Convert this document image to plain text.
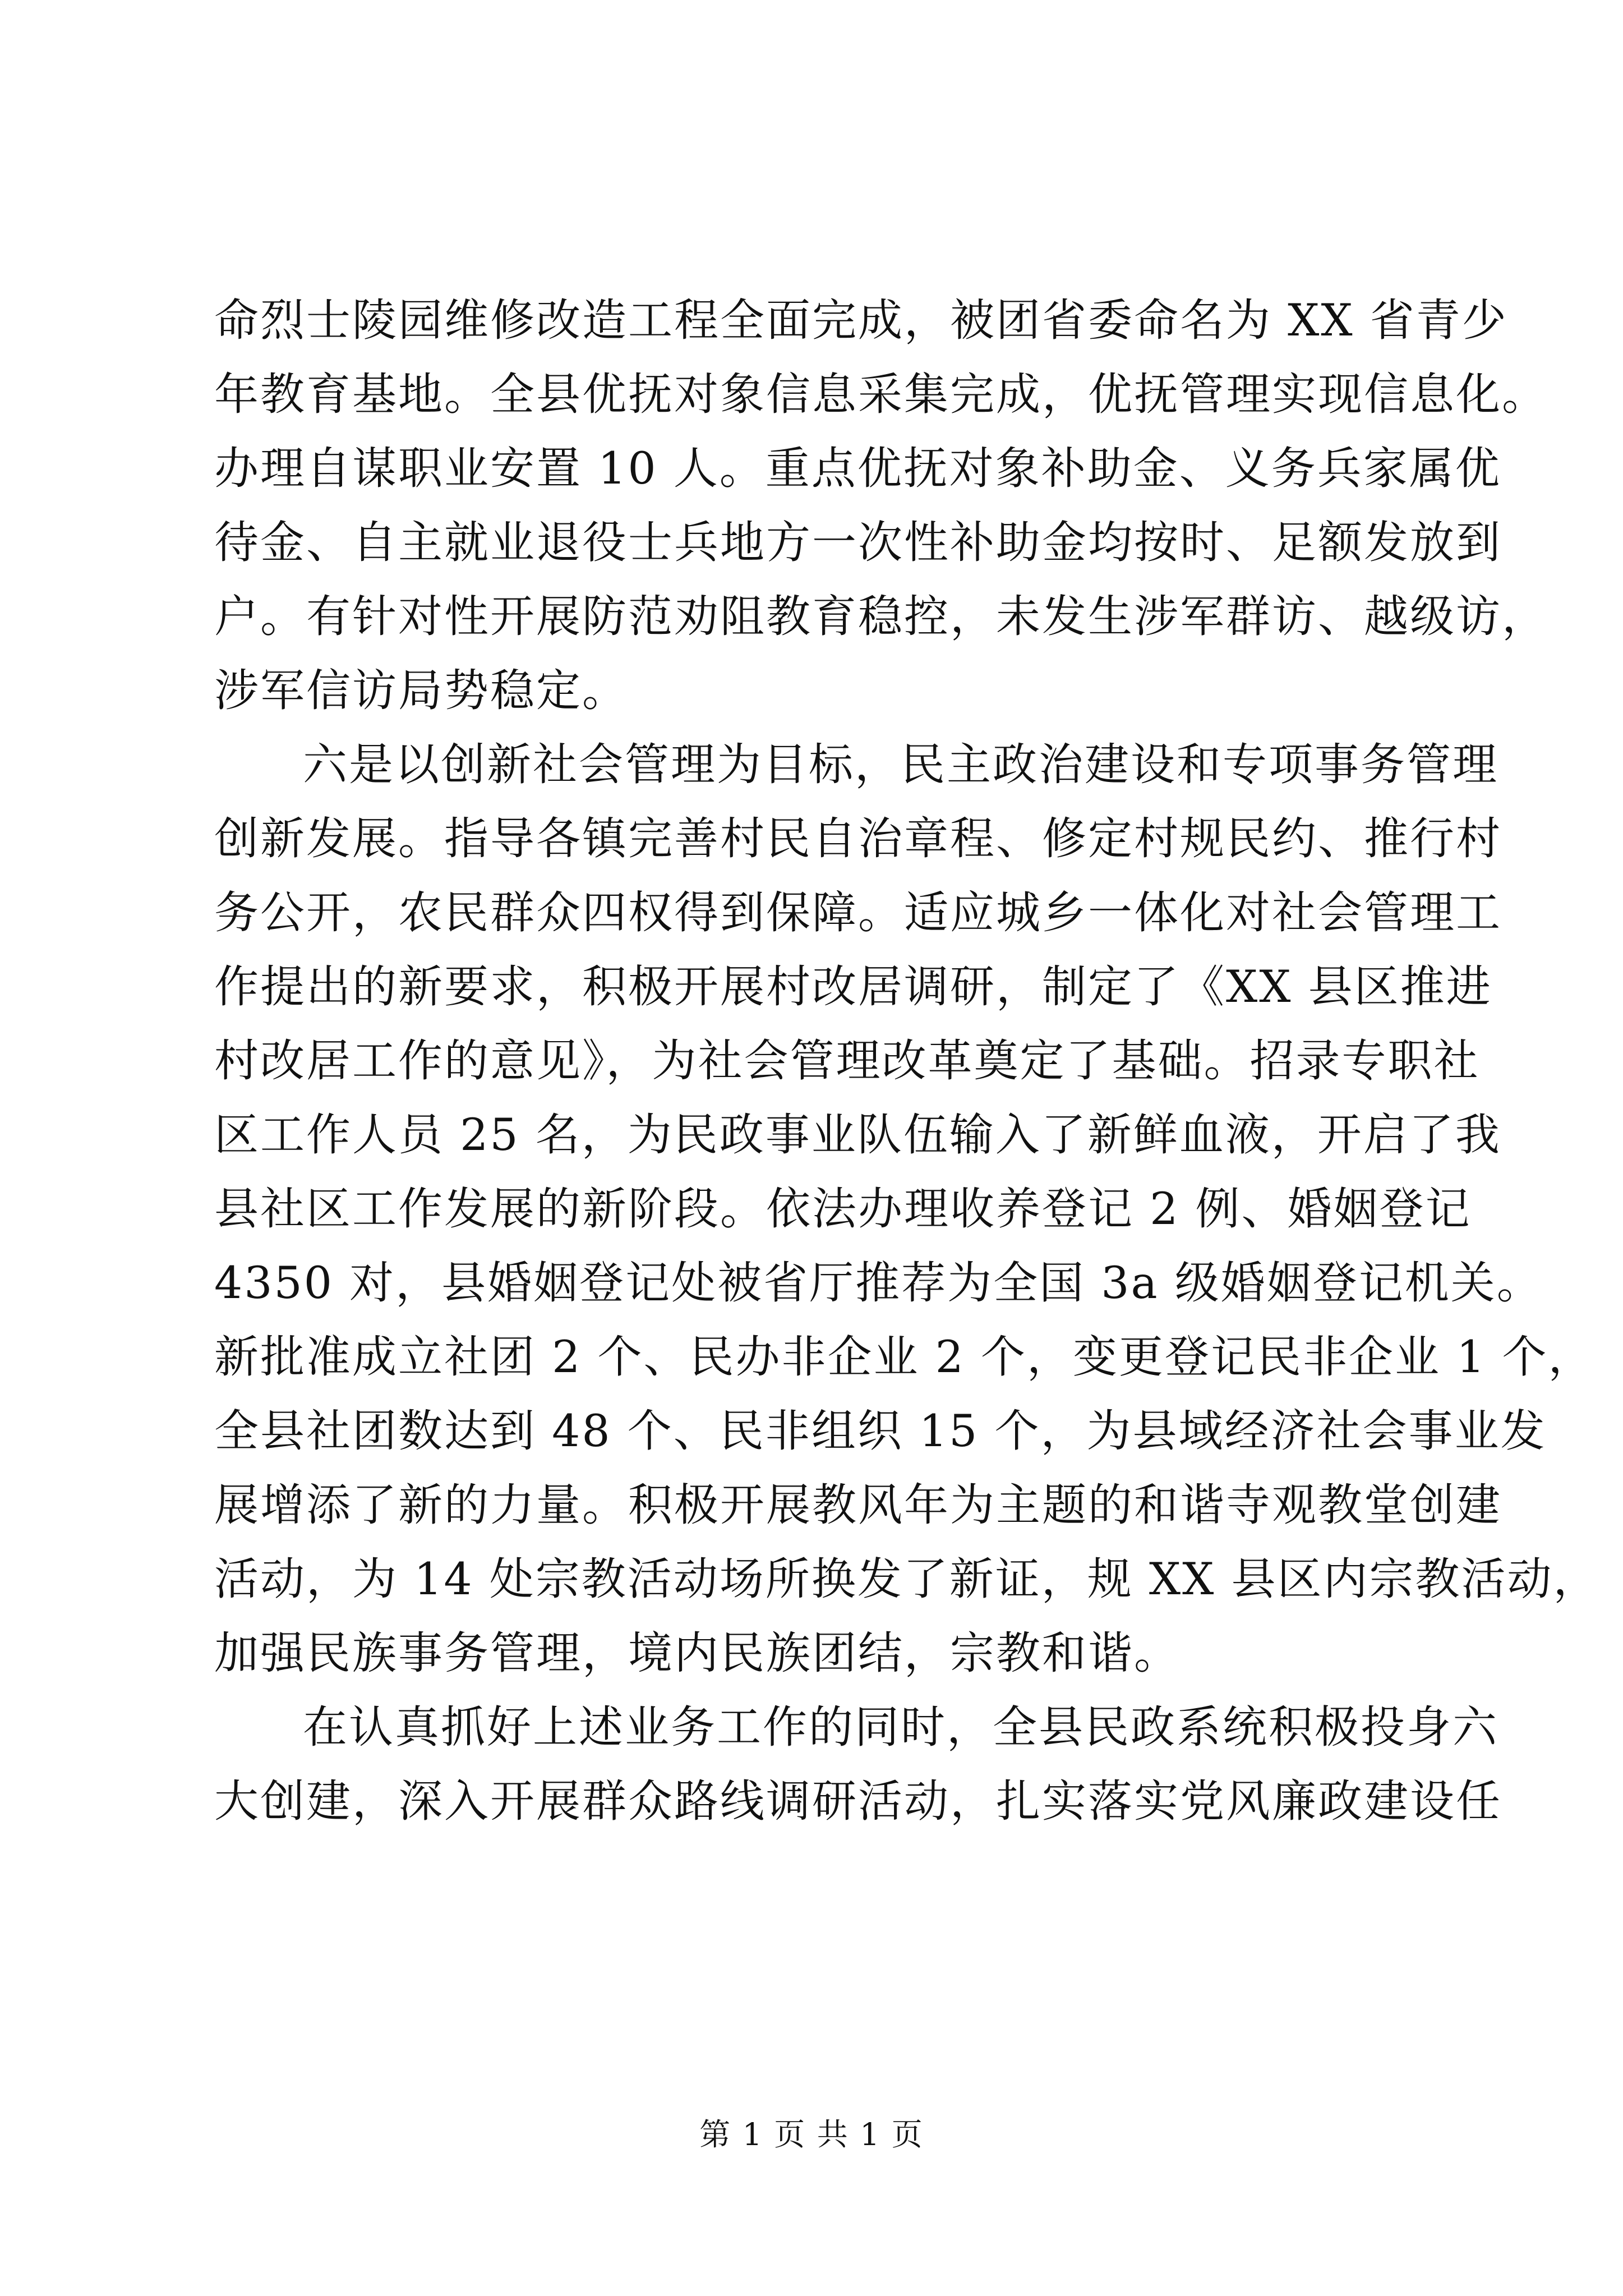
命烈士陵园维修改造工程全面完成，被团省委命名为 XX 省青少
年教育基地。全县优抚对象信息采集完成，优抚管理实现信息化。
办理自谋职业安置 10 人。重点优抚对象补助金、义务兵家属优
待金、自主就业退役士兵地方一次性补助金均按时、足额发放到
户。有针对性开展防范劝阻教育稳控，未发生涉军群访、越级访，
涉军信访局势稳定。
六是以创新社会管理为目标，民主政治建设和专项事务管理
创新发展。指导各镇完善村民自治章程、修定村规民约、推行村
务公开，农民群众四权得到保障。适应城乡一体化对社会管理工
作提出的新要求，积极开展村改居调研，制定了《XX 县区推进
村改居工作的意见》，为社会管理改革奠定了基础。招录专职社
区工作人员 25 名，为民政事业队伍输入了新鲜血液，开启了我
县社区工作发展的新阶段。依法办理收养登记 2 例、婚姻登记
4350 对，县婚姻登记处被省厅推荐为全国 3a 级婚姻登记机关。
新批准成立社团 2 个、民办非企业 2 个，变更登记民非企业 1 个，
全县社团数达到 48 个、民非组织 15 个，为县域经济社会事业发
展增添了新的力量。积极开展教风年为主题的和谐寺观教堂创建
活动，为 14 处宗教活动场所换发了新证，规 XX 县区内宗教活动，
加强民族事务管理，境内民族团结，宗教和谐。
在认真抓好上述业务工作的同时，全县民政系统积极投身六
大创建，深入开展群众路线调研活动，扎实落实党风廉政建设任
第 1 页 共 1 页
